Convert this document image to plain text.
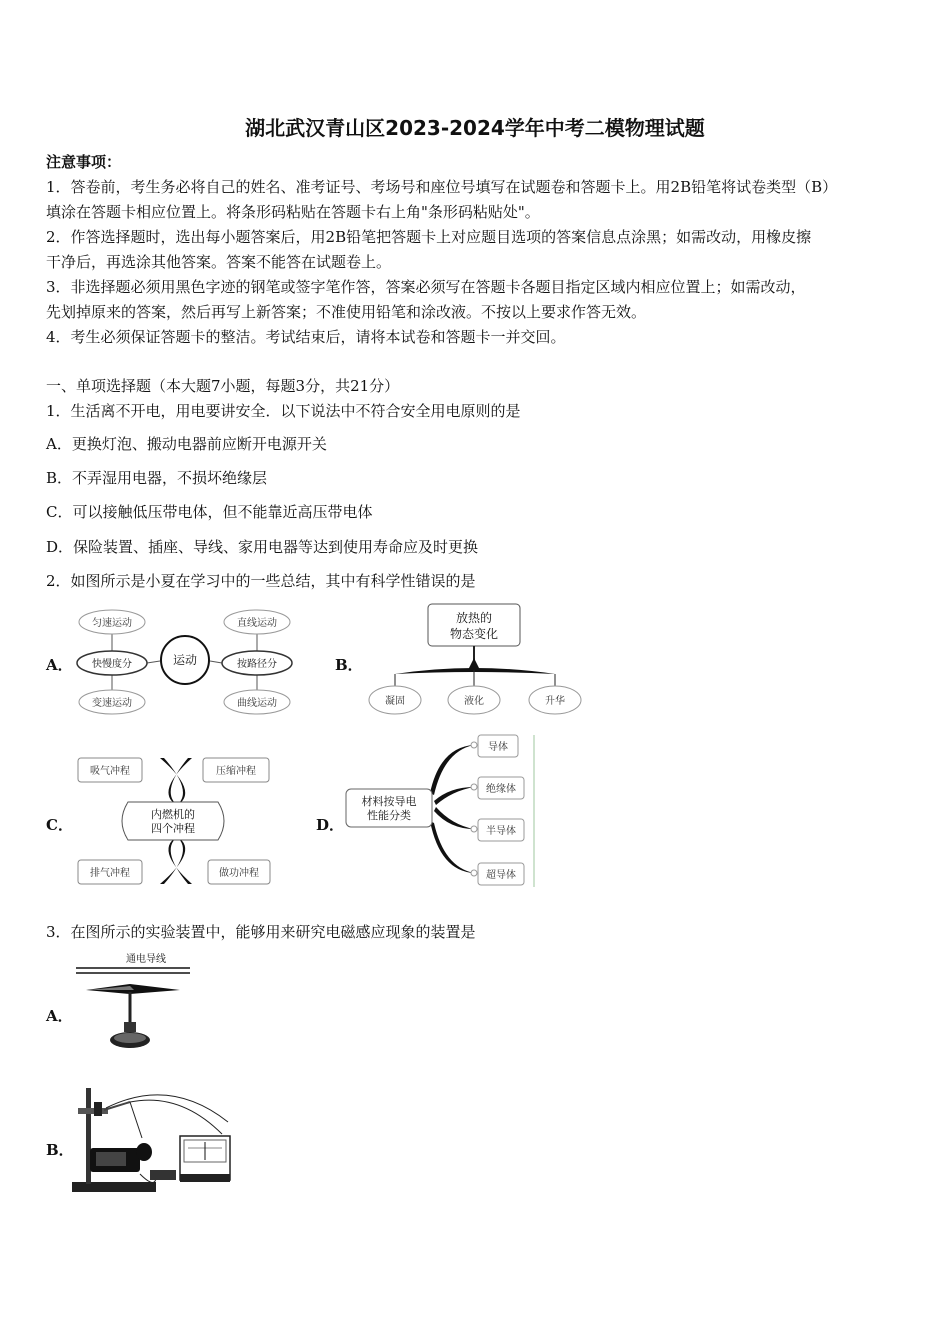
湖北武汉青山区2023-2024学年中考二模物理试题
注意事项：
1．答卷前，考生务必将自己的姓名、准考证号、考场号和座位号填写在试题卷和答题卡上。用2B铅笔将试卷类型（B）
填涂在答题卡相应位置上。将条形码粘贴在答题卡右上角"条形码粘贴处"。
2．作答选择题时，选出每小题答案后，用2B铅笔把答题卡上对应题目选项的答案信息点涂黑；如需改动，用橡皮擦
干净后，再选涂其他答案。答案不能答在试题卷上。
3．非选择题必须用黑色字迹的钢笔或签字笔作答，答案必须写在答题卡各题目指定区域内相应位置上；如需改动，
先划掉原来的答案，然后再写上新答案；不准使用铅笔和涂改液。不按以上要求作答无效。
4．考生必须保证答题卡的整洁。考试结束后，请将本试卷和答题卡一并交回。
一、单项选择题（本大题7小题，每题3分，共21分）
1．生活离不开电，用电要讲安全．以下说法中不符合安全用电原则的是
A．更换灯泡、搬动电器前应断开电源开关
B．不弄湿用电器，不损坏绝缘层
C．可以接触低压带电体，但不能靠近高压带电体
D．保险装置、插座、导线、家用电器等达到使用寿命应及时更换
2．如图所示是小夏在学习中的一些总结，其中有科学性错误的是
A．	B．
C．	D．
匀速运动
快慢度分
变速运动
直线运动
按路径分
曲线运动
运动
放热的
物态变化
凝固	液化	升华
吸气冲程	压缩冲程
排气冲程	做功冲程
内燃机的
四个冲程
导体
绝缘体
半导体
超导体
材料按导电
性能分类
3．在图所示的实验装置中，能够用来研究电磁感应现象的装置是
A．
B．
通电导线
